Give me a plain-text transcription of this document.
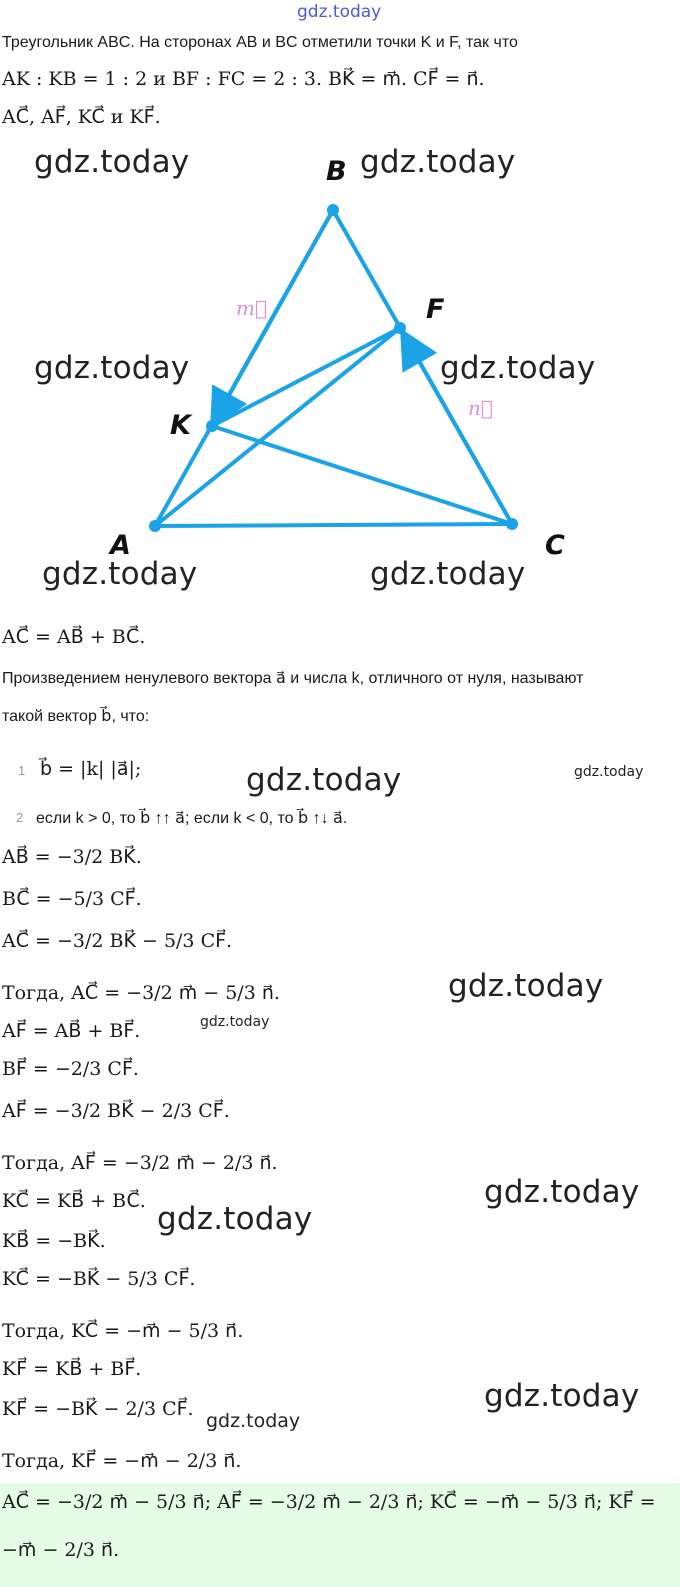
gdz.today
Треугольник ABC. На сторонах AB и BC отметили точки K и F, так что
AK : KB = 1 : 2 и BF : FC = 2 : 3. BK⃗ = m⃗. CF⃗ = n⃗.
AC⃗, AF⃗, KC⃗ и KF⃗.
B
F
K
A	C
m⃗
n⃗
gdz.today	gdz.today
gdz.today	gdz.today
gdz.today	gdz.today
AC⃗ = AB⃗ + BC⃗.
Произведением ненулевого вектора a⃗ и числа k, отличного от нуля, называют
такой вектор b⃗, что:
1 b⃗ = |k| |a⃗|;	gdz.today	gdz.today
2 если k > 0, то b⃗ ↑↑ a⃗; если k < 0, то b⃗ ↑↓ a⃗.
AB⃗ = −3/2 BK⃗.
BC⃗ = −5/3 CF⃗.
AC⃗ = −3/2 BK⃗ − 5/3 CF⃗.
Тогда, AC⃗ = −3/2 m⃗ − 5/3 n⃗.	gdz.today
AF⃗ = AB⃗ + BF⃗.	gdz.today
BF⃗ = −2/3 CF⃗.
AF⃗ = −3/2 BK⃗ − 2/3 CF⃗.
Тогда, AF⃗ = −3/2 m⃗ − 2/3 n⃗.
KC⃗ = KB⃗ + BC⃗.	gdz.today
gdz.today
KB⃗ = −BK⃗.
KC⃗ = −BK⃗ − 5/3 CF⃗.
Тогда, KC⃗ = −m⃗ − 5/3 n⃗.
KF⃗ = KB⃗ + BF⃗.
gdz.today
KF⃗ = −BK⃗ − 2/3 CF⃗.
gdz.today
Тогда, KF⃗ = −m⃗ − 2/3 n⃗.
AC⃗ = −3/2 m⃗ − 5/3 n⃗; AF⃗ = −3/2 m⃗ − 2/3 n⃗; KC⃗ = −m⃗ − 5/3 n⃗; KF⃗ =
−m⃗ − 2/3 n⃗.
